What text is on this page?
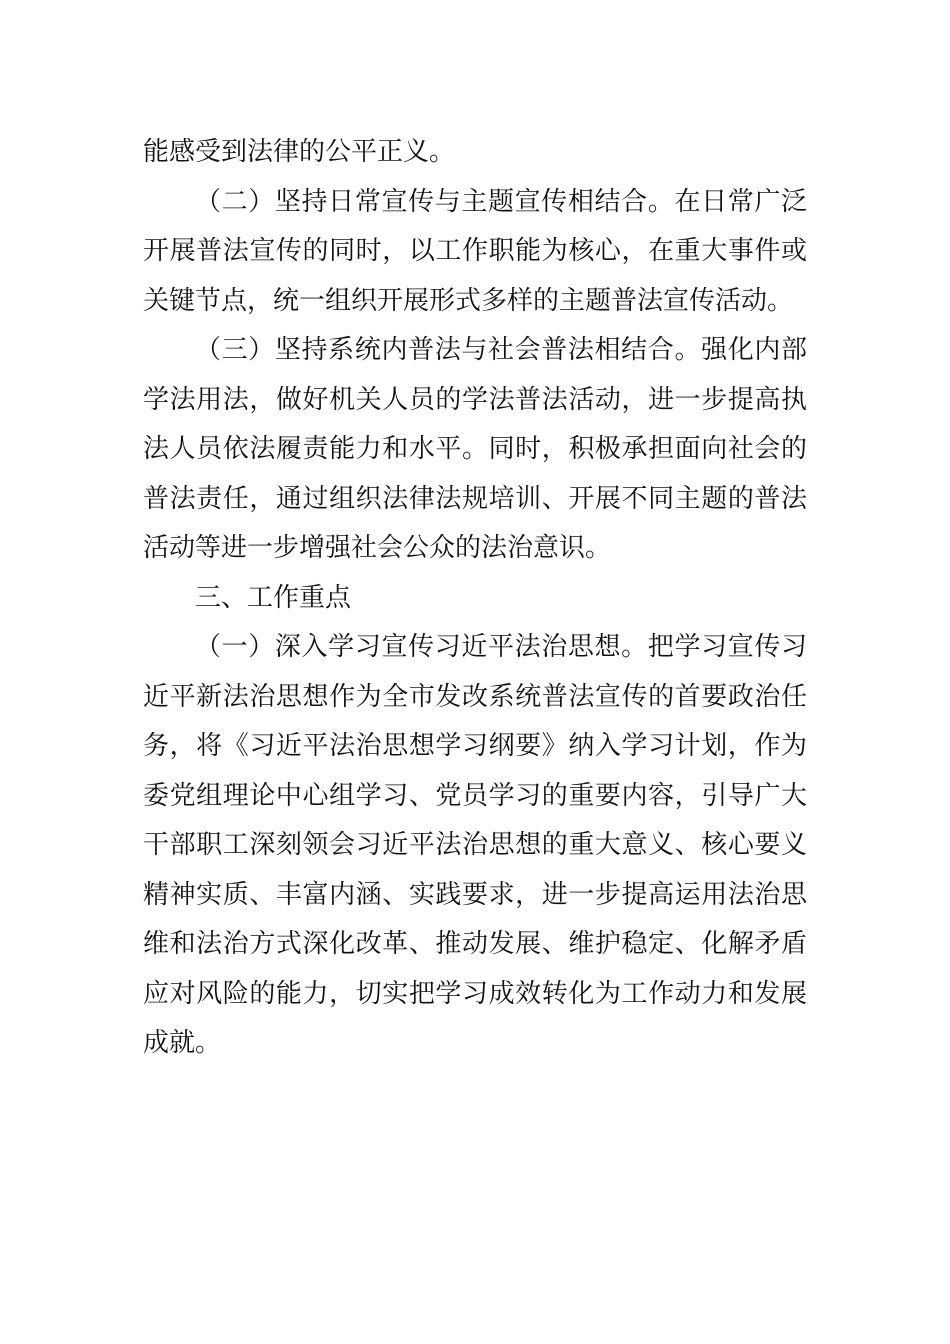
能感受到法律的公平正义。
（二）坚持日常宣传与主题宣传相结合。在日常广泛
开展普法宣传的同时，以工作职能为核心，在重大事件或
关键节点，统一组织开展形式多样的主题普法宣传活动。
（三）坚持系统内普法与社会普法相结合。强化内部
学法用法，做好机关人员的学法普法活动，进一步提高执
法人员依法履责能力和水平。同时，积极承担面向社会的
普法责任，通过组织法律法规培训、开展不同主题的普法
活动等进一步增强社会公众的法治意识。
三、工作重点
（一）深入学习宣传习近平法治思想。把学习宣传习
近平新法治思想作为全市发改系统普法宣传的首要政治任
务，将《习近平法治思想学习纲要》纳入学习计划，作为
委党组理论中心组学习、党员学习的重要内容，引导广大
干部职工深刻领会习近平法治思想的重大意义、核心要义
精神实质、丰富内涵、实践要求，进一步提高运用法治思
维和法治方式深化改革、推动发展、维护稳定、化解矛盾
应对风险的能力，切实把学习成效转化为工作动力和发展
成就。
